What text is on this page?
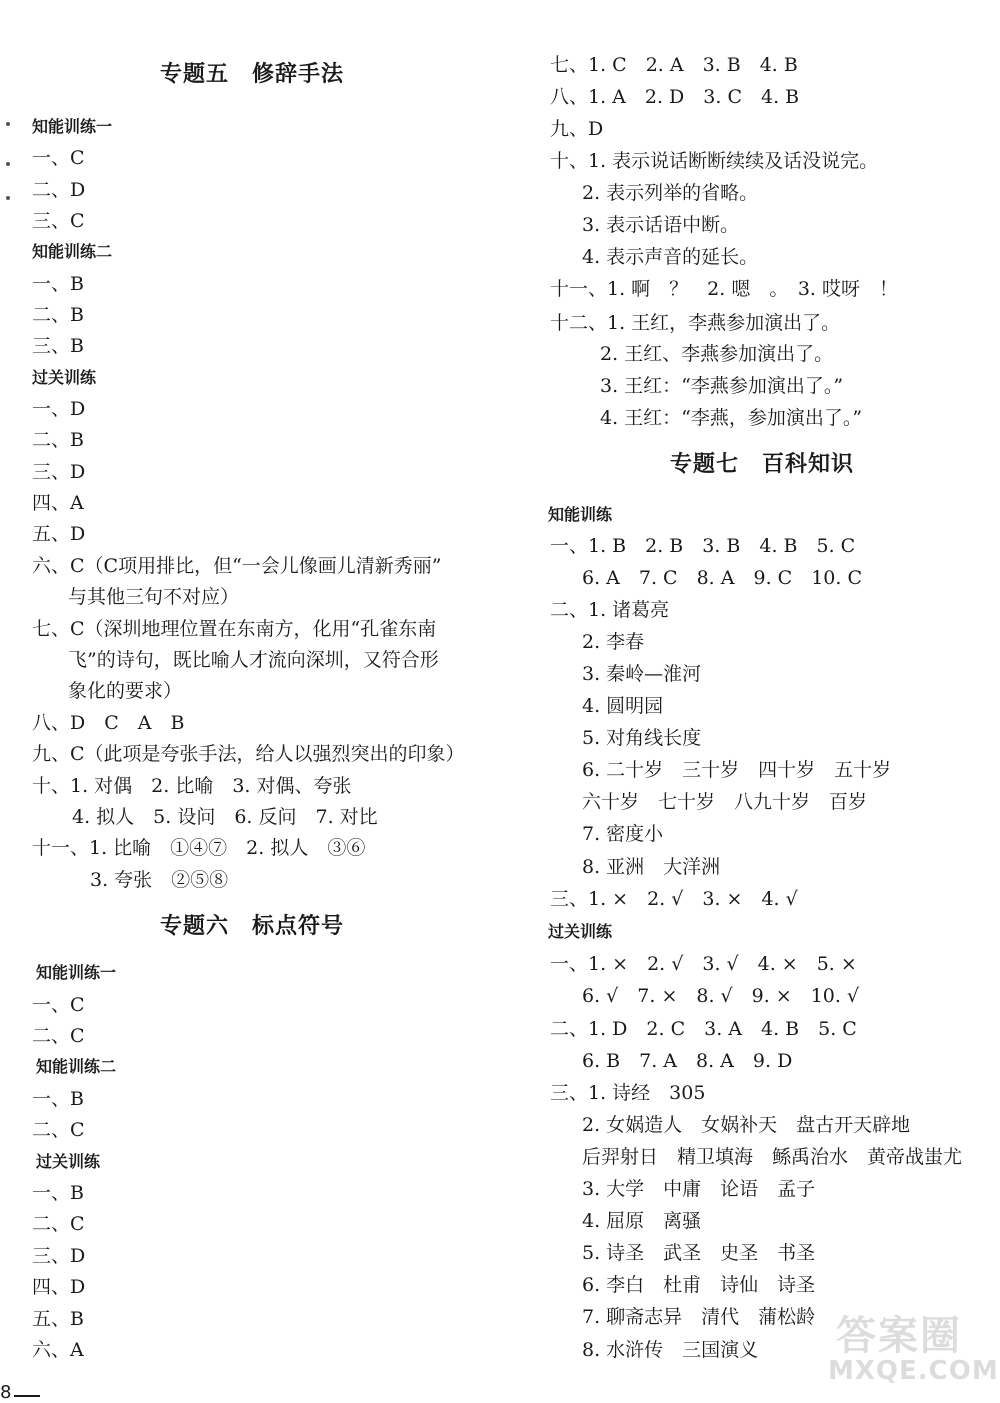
专题五　修辞手法
知能训练一
一、C
二、D
三、C
知能训练二
一、B
二、B
三、B
过关训练
一、D
二、B
三、D
四、A
五、D
六、C（C项用排比，但“一会儿像画儿清新秀丽”
与其他三句不对应）
七、C（深圳地理位置在东南方，化用“孔雀东南
飞”的诗句，既比喻人才流向深圳，又符合形
象化的要求）
八、D　C　A　B
九、C（此项是夸张手法，给人以强烈突出的印象）
十、1. 对偶　2. 比喻　3. 对偶、夸张
4. 拟人　5. 设问　6. 反问　7. 对比
十一、1. 比喻　①④⑦　2. 拟人　③⑥
3. 夸张　②⑤⑧
专题六　标点符号
知能训练一
一、C
二、C
知能训练二
一、B
二、C
过关训练
一、B
二、C
三、D
四、D
五、B
六、A
七、1. C　2. A　3. B　4. B
八、1. A　2. D　3. C　4. B
九、D
十、1. 表示说话断断续续及话没说完。
2. 表示列举的省略。
3. 表示话语中断。
4. 表示声音的延长。
十一、1. 啊　？　2. 嗯　。　3. 哎呀　！
十二、1. 王红，李燕参加演出了。
2. 王红、李燕参加演出了。
3. 王红：“李燕参加演出了。”
4. 王红：“李燕，参加演出了。”
专题七　百科知识
知能训练
一、1. B　2. B　3. B　4. B　5. C
6. A　7. C　8. A　9. C　10. C
二、1. 诸葛亮
2. 李春
3. 秦岭—淮河
4. 圆明园
5. 对角线长度
6. 二十岁　三十岁　四十岁　五十岁
六十岁　七十岁　八九十岁　百岁
7. 密度小
8. 亚洲　大洋洲
三、1. ×　2. √　3. ×　4. √
过关训练
一、1. ×　2. √　3. √　4. ×　5. ×
6. √　7. ×　8. √　9. ×　10. √
二、1. D　2. C　3. A　4. B　5. C
6. B　7. A　8. A　9. D
三、1. 诗经　305
2. 女娲造人　女娲补天　盘古开天辟地
后羿射日　精卫填海　鲧禹治水　黄帝战蚩尤
3. 大学　中庸　论语　孟子
4. 屈原　离骚
5. 诗圣　武圣　史圣　书圣
6. 李白　杜甫　诗仙　诗圣
7. 聊斋志异　清代　蒲松龄
8. 水浒传　三国演义
8
答案圈
MXQE.COM
